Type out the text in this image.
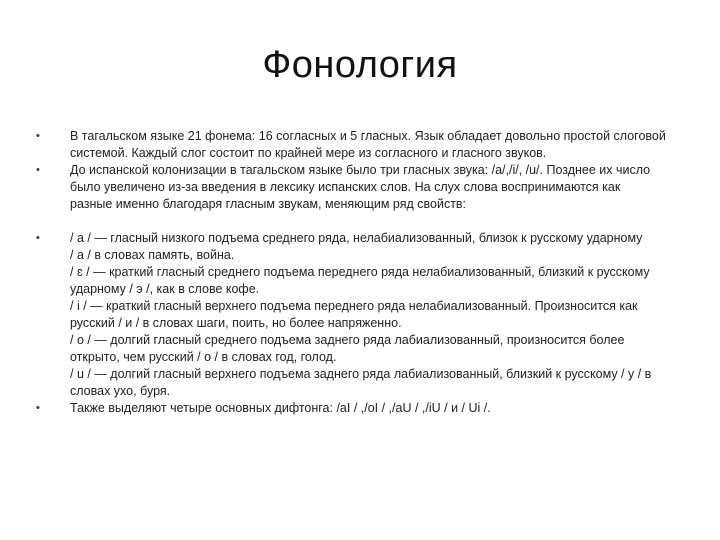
Фонология
• В тагальском языке 21 фонема: 16 согласных и 5 гласных. Язык обладает довольно простой слоговой
системой. Каждый слог состоит по крайней мере из согласного и гласного звуков.
• До испанской колонизации в тагальском языке было три гласных звука: /a/,/i/, /u/. Позднее их число
было увеличено из-за введения в лексику испанских слов. На слух слова воспринимаются как
разные именно благодаря гласным звукам, меняющим ряд свойств:
• / a / — гласный низкого подъема среднего ряда, нелабиализованный, близок к русскому ударному
/ а / в словах память, война.
/ ɛ / — краткий гласный среднего подъема переднего ряда нелабиализованный, близкий к русскому
ударному / э /, как в слове кофе.
/ i / — краткий гласный верхнего подъема переднего ряда нелабиализованный. Произносится как
русский / и / в словах шаги, поить, но более напряженно.
/ o / — долгий гласный среднего подъема заднего ряда лабиализованный, произносится более
открыто, чем русский / о / в словах год, голод.
/ u / — долгий гласный верхнего подъема заднего ряда лабиализованный, близкий к русскому / у / в
словах ухо, буря.
• Также выделяют четыре основных дифтонга: /aI / ,/oI / ,/aU / ,/iU / и / Ui /.
